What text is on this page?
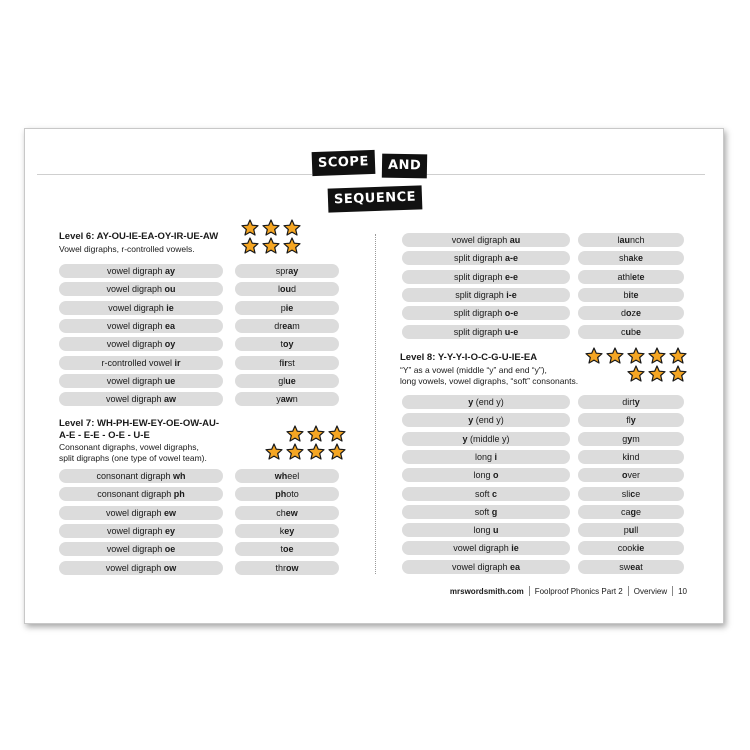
SCOPE	AND
SEQUENCE
Level 6: AY-OU-IE-EA-OY-IR-UE-AW
Vowel digraphs, r-controlled vowels.
vowel digraph ay	spray
vowel digraph ou	loud
vowel digraph ie	pie
vowel digraph ea	dream
vowel digraph oy	toy
r-controlled vowel ir	first
vowel digraph ue	glue
vowel digraph aw	yawn
Level 7: WH-PH-EW-EY-OE-OW-AU-
A-E - E-E - O-E - U-E
Consonant digraphs, vowel digraphs,
split digraphs (one type of vowel team).
consonant digraph wh	wheel
consonant digraph ph	photo
vowel digraph ew	chew
vowel digraph ey	key
vowel digraph oe	toe
vowel digraph ow	throw
vowel digraph au	launch
split digraph a-e	shake
split digraph e-e	athlete
split digraph i-e	bite
split digraph o-e	doze
split digraph u-e	cube
Level 8: Y-Y-Y-I-O-C-G-U-IE-EA
“Y” as a vowel (middle “y” and end “y”),
long vowels, vowel digraphs, “soft” consonants.
y (end y)	dirty
y (end y)	fly
y (middle y)	gym
long i	kind
long o	over
soft c	slice
soft g	cage
long u	pull
vowel digraph ie	cookie
vowel digraph ea	sweat
mrswordsmith.com Foolproof Phonics Part 2 Overview 10
